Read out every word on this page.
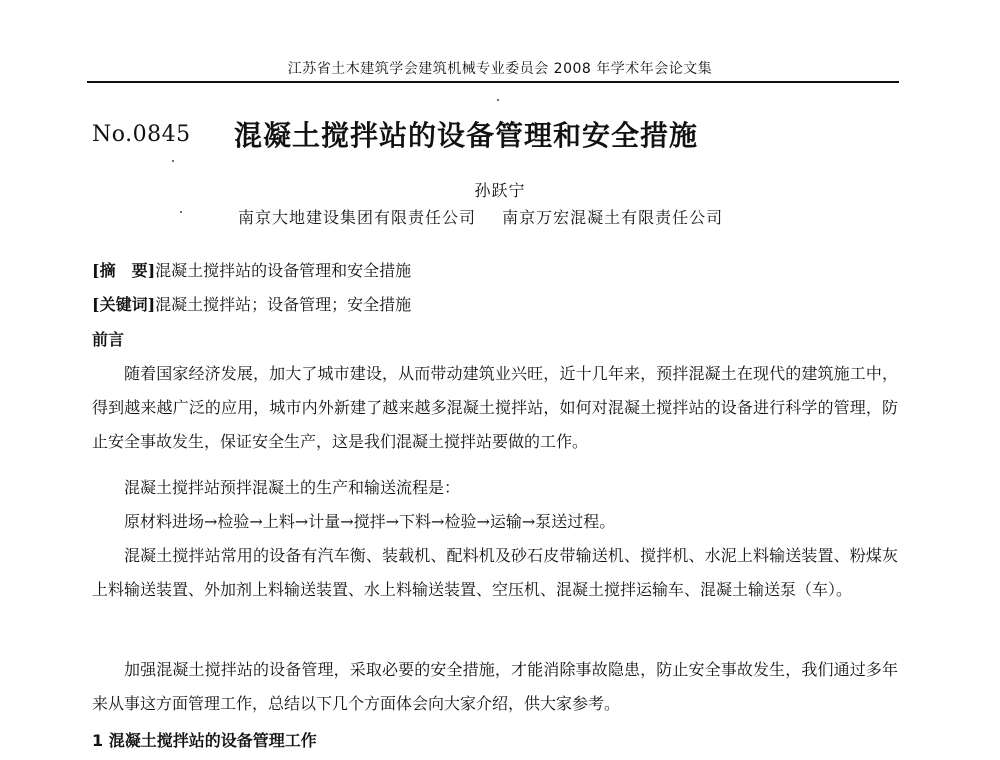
江苏省土木建筑学会建筑机械专业委员会 2008 年学术年会论文集
No.0845 混凝土搅拌站的设备管理和安全措施
孙跃宁
南京大地建设集团有限责任公司 南京万宏混凝土有限责任公司
[摘　要]混凝土搅拌站的设备管理和安全措施
[关键词]混凝土搅拌站；设备管理；安全措施
前言
随着国家经济发展，加大了城市建设，从而带动建筑业兴旺，近十几年来，预拌混凝土在现代的建筑施工中，得到越来越广泛的应用，城市内外新建了越来越多混凝土搅拌站，如何对混凝土搅拌站的设备进行科学的管理，防止安全事故发生，保证安全生产，这是我们混凝土搅拌站要做的工作。
混凝土搅拌站预拌混凝土的生产和输送流程是：
原材料进场→检验→上料→计量→搅拌→下料→检验→运输→泵送过程。
混凝土搅拌站常用的设备有汽车衡、装载机、配料机及砂石皮带输送机、搅拌机、水泥上料输送装置、粉煤灰上料输送装置、外加剂上料输送装置、水上料输送装置、空压机、混凝土搅拌运输车、混凝土输送泵（车）。
加强混凝土搅拌站的设备管理，采取必要的安全措施，才能消除事故隐患，防止安全事故发生，我们通过多年来从事这方面管理工作，总结以下几个方面体会向大家介绍，供大家参考。
1 混凝土搅拌站的设备管理工作
